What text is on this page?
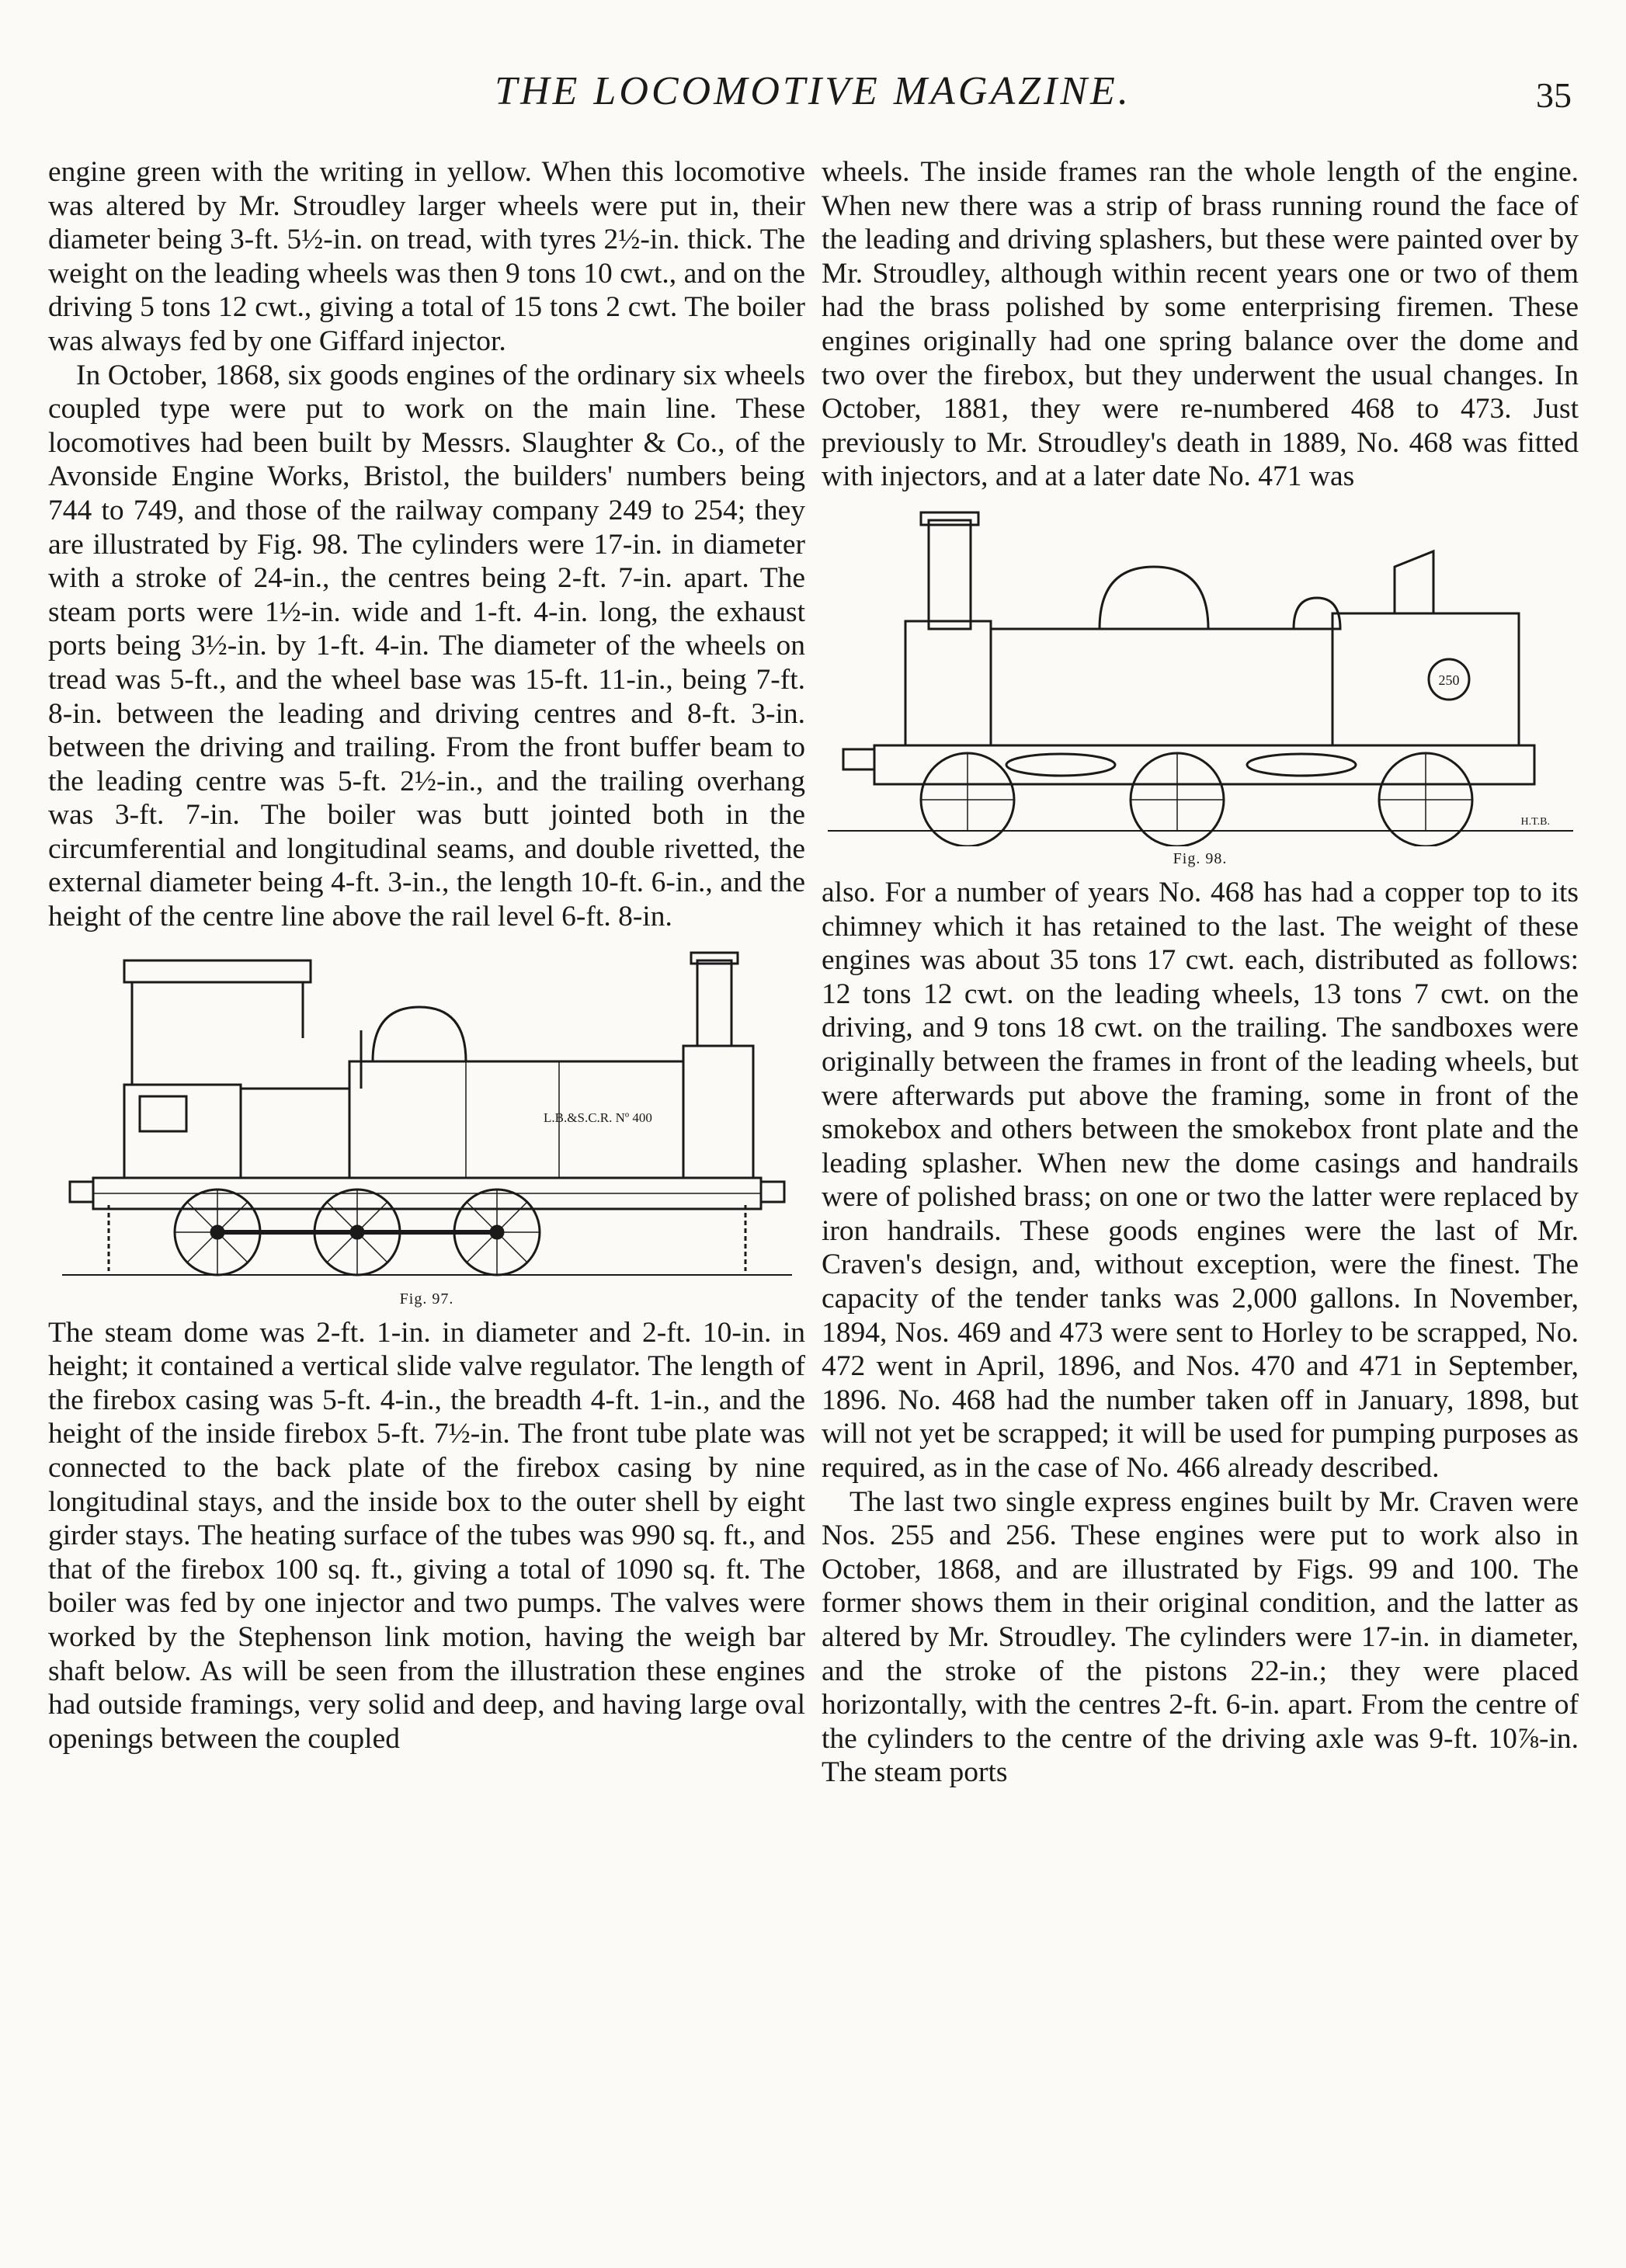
THE LOCOMOTIVE MAGAZINE.	35

engine green with the writing in yellow. When this locomotive was altered by Mr. Stroudley larger wheels were put in, their diameter being 3-ft. 5½-in. on tread, with tyres 2½-in. thick. The weight on the leading wheels was then 9 tons 10 cwt., and on the driving 5 tons 12 cwt., giving a total of 15 tons 2 cwt. The boiler was always fed by one Giffard injector.

In October, 1868, six goods engines of the ordinary six wheels coupled type were put to work on the main line. These locomotives had been built by Messrs. Slaughter & Co., of the Avonside Engine Works, Bristol, the builders' numbers being 744 to 749, and those of the railway company 249 to 254; they are illustrated by Fig. 98. The cylinders were 17-in. in diameter with a stroke of 24-in., the centres being 2-ft. 7-in. apart. The steam ports were 1½-in. wide and 1-ft. 4-in. long, the exhaust ports being 3½-in. by 1-ft. 4-in. The diameter of the wheels on tread was 5-ft., and the wheel base was 15-ft. 11-in., being 7-ft. 8-in. between the leading and driving centres and 8-ft. 3-in. between the driving and trailing. From the front buffer beam to the leading centre was 5-ft. 2½-in., and the trailing overhang was 3-ft. 7-in. The boiler was butt jointed both in the circumferential and longitudinal seams, and double rivetted, the external diameter being 4-ft. 3-in., the length 10-ft. 6-in., and the height of the centre line above the rail level 6-ft. 8-in.

L.B.&S.C.R. Nº 400
Fig. 97.

The steam dome was 2-ft. 1-in. in diameter and 2-ft. 10-in. in height; it contained a vertical slide valve regulator. The length of the firebox casing was 5-ft. 4-in., the breadth 4-ft. 1-in., and the height of the inside firebox 5-ft. 7½-in. The front tube plate was connected to the back plate of the firebox casing by nine longitudinal stays, and the inside box to the outer shell by eight girder stays. The heating surface of the tubes was 990 sq. ft., and that of the firebox 100 sq. ft., giving a total of 1090 sq. ft. The boiler was fed by one injector and two pumps. The valves were worked by the Stephenson link motion, having the weigh bar shaft below. As will be seen from the illustration these engines had outside framings, very solid and deep, and having large oval openings between the coupled

wheels. The inside frames ran the whole length of the engine. When new there was a strip of brass running round the face of the leading and driving splashers, but these were painted over by Mr. Stroudley, although within recent years one or two of them had the brass polished by some enterprising firemen. These engines originally had one spring balance over the dome and two over the firebox, but they underwent the usual changes. In October, 1881, they were re-numbered 468 to 473. Just previously to Mr. Stroudley's death in 1889, No. 468 was fitted with injectors, and at a later date No. 471 was

250
H.T.B.
Fig. 98.

also. For a number of years No. 468 has had a copper top to its chimney which it has retained to the last. The weight of these engines was about 35 tons 17 cwt. each, distributed as follows: 12 tons 12 cwt. on the leading wheels, 13 tons 7 cwt. on the driving, and 9 tons 18 cwt. on the trailing. The sandboxes were originally between the frames in front of the leading wheels, but were afterwards put above the framing, some in front of the smokebox and others between the smokebox front plate and the leading splasher. When new the dome casings and handrails were of polished brass; on one or two the latter were replaced by iron handrails. These goods engines were the last of Mr. Craven's design, and, without exception, were the finest. The capacity of the tender tanks was 2,000 gallons. In November, 1894, Nos. 469 and 473 were sent to Horley to be scrapped, No. 472 went in April, 1896, and Nos. 470 and 471 in September, 1896. No. 468 had the number taken off in January, 1898, but will not yet be scrapped; it will be used for pumping purposes as required, as in the case of No. 466 already described.

The last two single express engines built by Mr. Craven were Nos. 255 and 256. These engines were put to work also in October, 1868, and are illustrated by Figs. 99 and 100. The former shows them in their original condition, and the latter as altered by Mr. Stroudley. The cylinders were 17-in. in diameter, and the stroke of the pistons 22-in.; they were placed horizontally, with the centres 2-ft. 6-in. apart. From the centre of the cylinders to the centre of the driving axle was 9-ft. 10⅞-in. The steam ports
